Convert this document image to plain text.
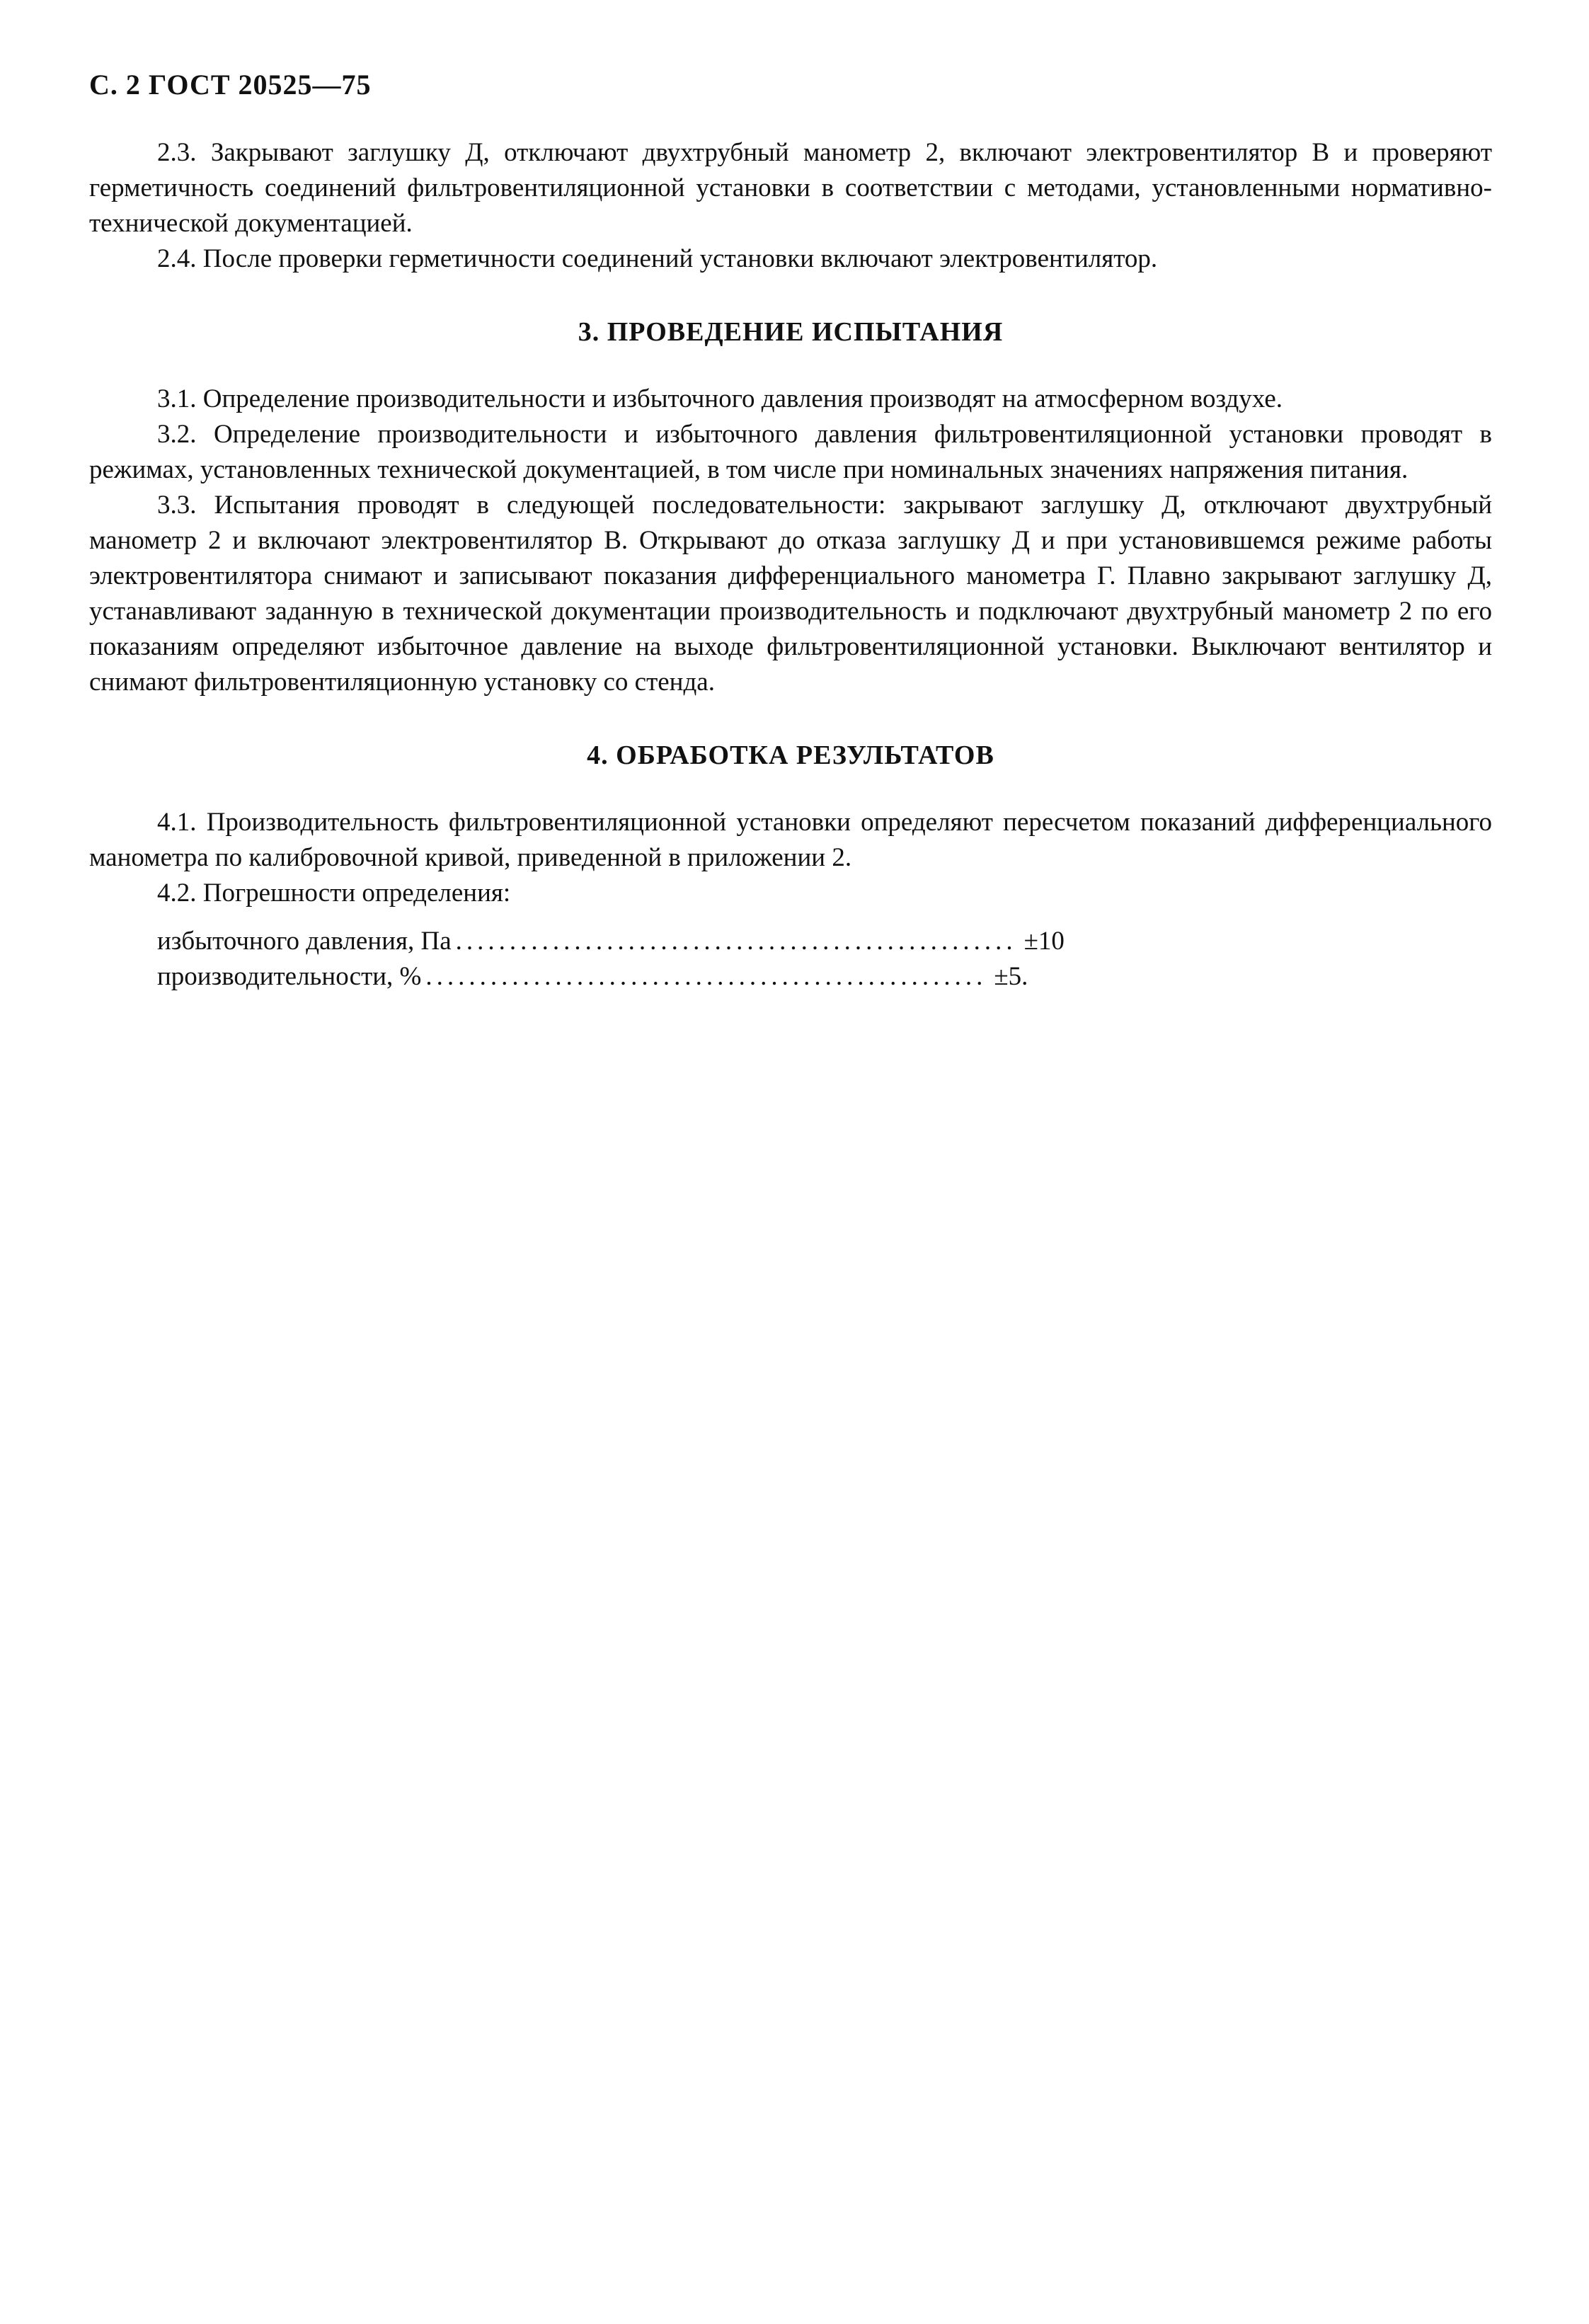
С. 2 ГОСТ 20525—75

2.3. Закрывают заглушку Д, отключают двухтрубный манометр 2, включают электровентилятор В и проверяют герметичность соединений фильтровентиляционной установки в соответствии с методами, установленными нормативно-технической документацией.

2.4. После проверки герметичности соединений установки включают электровентилятор.

3. ПРОВЕДЕНИЕ ИСПЫТАНИЯ

3.1. Определение производительности и избыточного давления производят на атмосферном воздухе.

3.2. Определение производительности и избыточного давления фильтровентиляционной установки проводят в режимах, установленных технической документацией, в том числе при номинальных значениях напряжения питания.

3.3. Испытания проводят в следующей последовательности: закрывают заглушку Д, отключают двухтрубный манометр 2 и включают электровентилятор В. Открывают до отказа заглушку Д и при установившемся режиме работы электровентилятора снимают и записывают показания дифференциального манометра Г. Плавно закрывают заглушку Д, устанавливают заданную в технической документации производительность и подключают двухтрубный манометр 2 по его показаниям определяют избыточное давление на выходе фильтровентиляционной установки. Выключают вентилятор и снимают фильтровентиляционную установку со стенда.

4. ОБРАБОТКА РЕЗУЛЬТАТОВ

4.1. Производительность фильтровентиляционной установки определяют пересчетом показаний дифференциального манометра по калибровочной кривой, приведенной в приложении 2.

4.2. Погрешности определения:

избыточного давления, Па .................................................... ±10
производительности, % .................................................... ±5.
